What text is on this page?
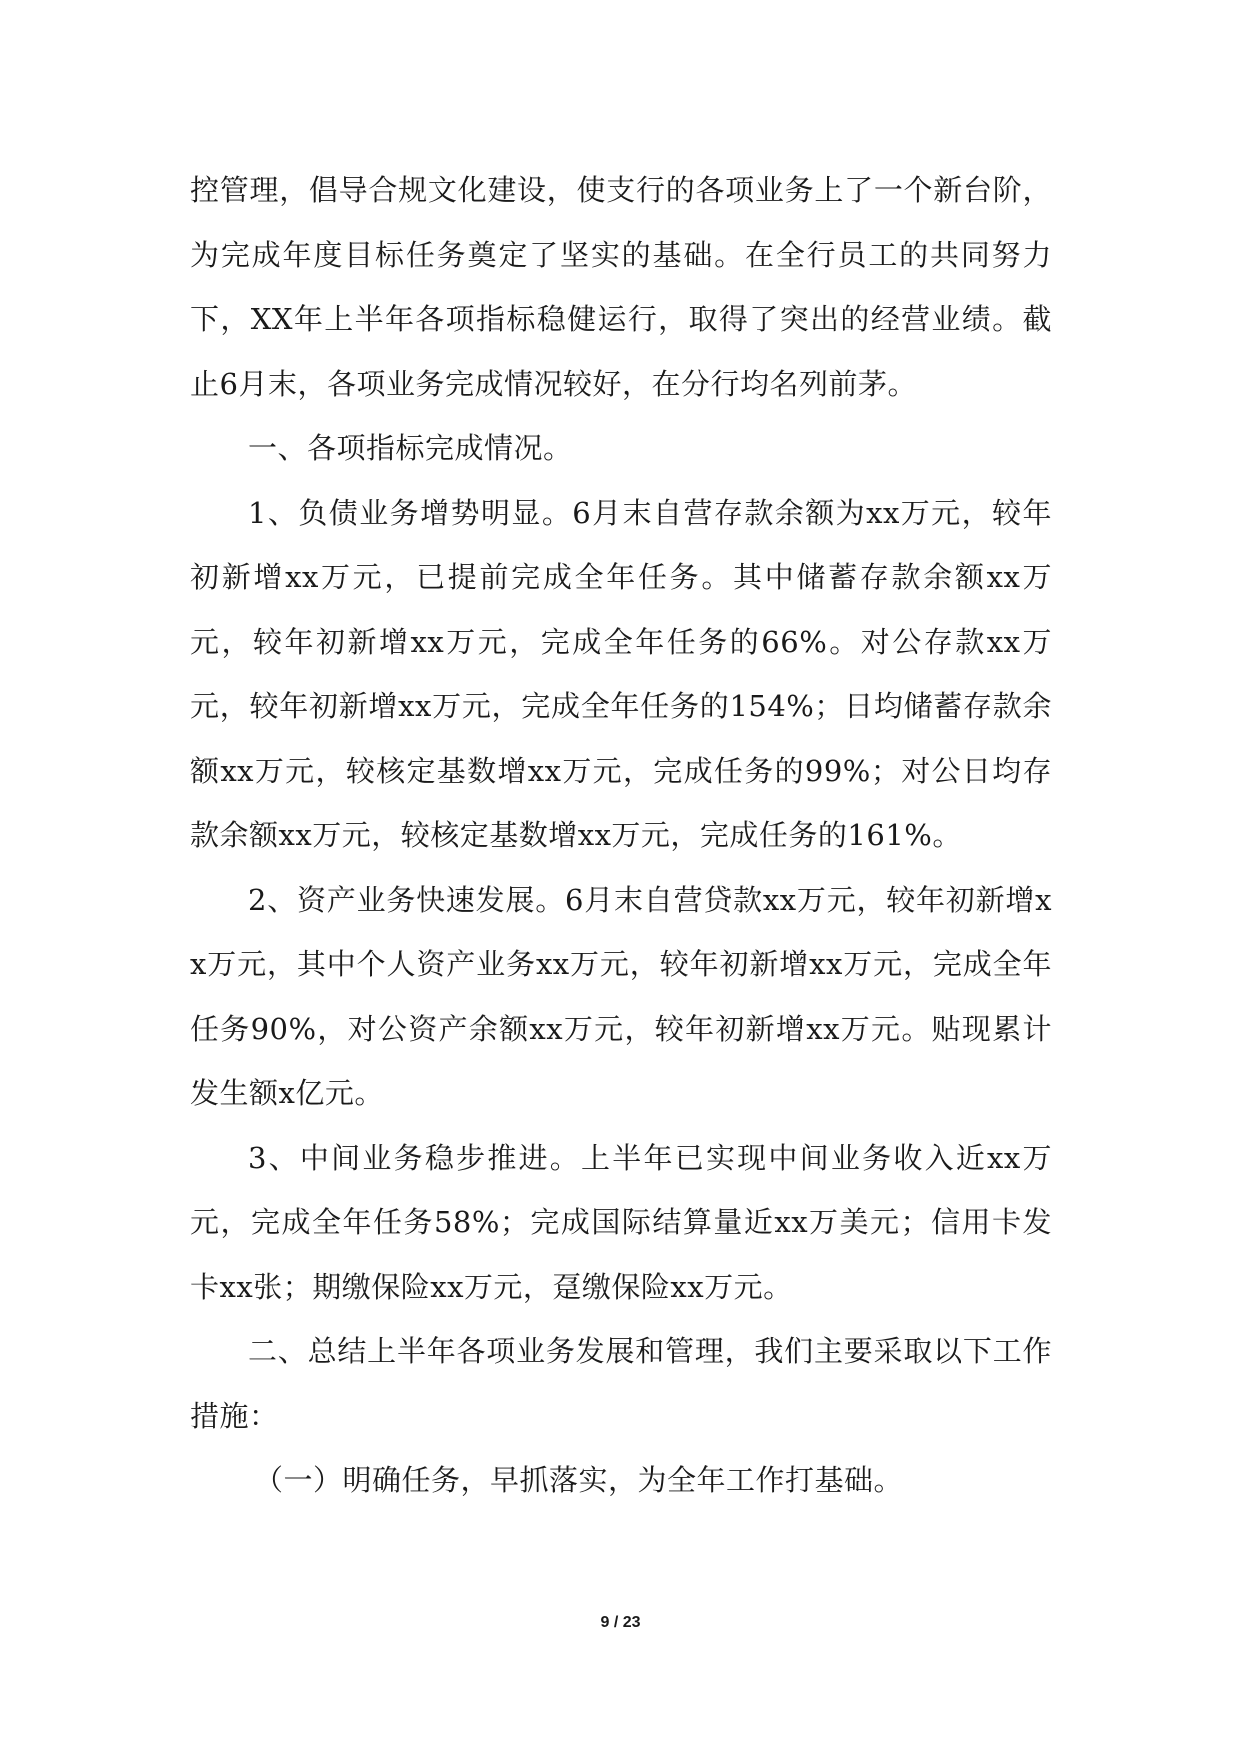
控管理，倡导合规文化建设，使支行的各项业务上了一个新台阶，为完成年度目标任务奠定了坚实的基础。在全行员工的共同努力下，XX年上半年各项指标稳健运行，取得了突出的经营业绩。截止6月末，各项业务完成情况较好，在分行均名列前茅。

一、各项指标完成情况。

1、负债业务增势明显。6月末自营存款余额为xx万元，较年初新增xx万元，已提前完成全年任务。其中储蓄存款余额xx万元，较年初新增xx万元，完成全年任务的66%。对公存款xx万元，较年初新增xx万元，完成全年任务的154%；日均储蓄存款余额xx万元，较核定基数增xx万元，完成任务的99%；对公日均存款余额xx万元，较核定基数增xx万元，完成任务的161%。

2、资产业务快速发展。6月末自营贷款xx万元，较年初新增xx万元，其中个人资产业务xx万元，较年初新增xx万元，完成全年任务90%，对公资产余额xx万元，较年初新增xx万元。贴现累计发生额x亿元。

3、中间业务稳步推进。上半年已实现中间业务收入近xx万元，完成全年任务58%；完成国际结算量近xx万美元；信用卡发卡xx张；期缴保险xx万元，趸缴保险xx万元。

二、总结上半年各项业务发展和管理，我们主要采取以下工作措施：

（一）明确任务，早抓落实，为全年工作打基础。

9 / 23
